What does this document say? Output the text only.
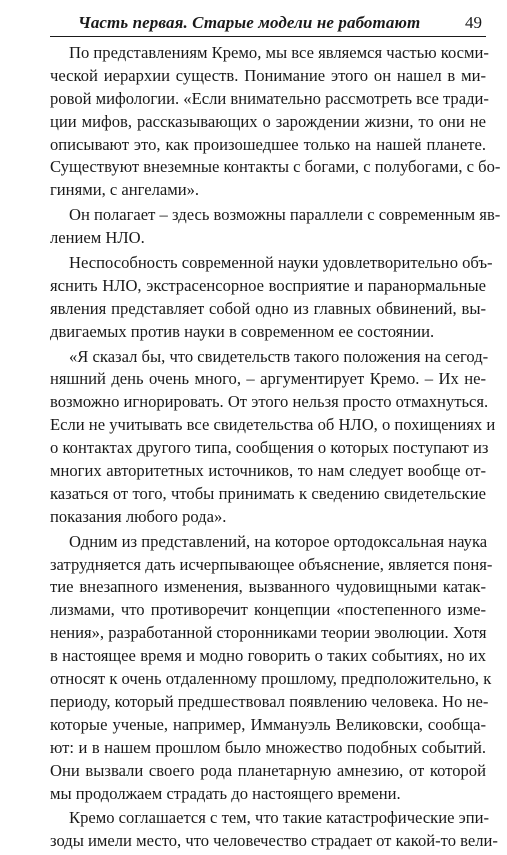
Часть первая. Старые модели не работают	49

По представлениям Кремо, мы все являемся частью косми-
ческой иерархии существ. Понимание этого он нашел в ми-
ровой мифологии. «Если внимательно рассмотреть все тради-
ции мифов, рассказывающих о зарождении жизни, то они не
описывают это, как произошедшее только на нашей планете.
Существуют внеземные контакты с богами, с полубогами, с бо-
гинями, с ангелами».

Он полагает – здесь возможны параллели с современным яв-
лением НЛО.

Неспособность современной науки удовлетворительно объ-
яснить НЛО, экстрасенсорное восприятие и паранормальные
явления представляет собой одно из главных обвинений, вы-
двигаемых против науки в современном ее состоянии.

«Я сказал бы, что свидетельств такого положения на сегод-
няшний день очень много, – аргументирует Кремо. – Их не-
возможно игнорировать. От этого нельзя просто отмахнуться.
Если не учитывать все свидетельства об НЛО, о похищениях и
о контактах другого типа, сообщения о которых поступают из
многих авторитетных источников, то нам следует вообще от-
казаться от того, чтобы принимать к сведению свидетельские
показания любого рода».

Одним из представлений, на которое ортодоксальная наука
затрудняется дать исчерпывающее объяснение, является поня-
тие внезапного изменения, вызванного чудовищными катак-
лизмами, что противоречит концепции «постепенного изме-
нения», разработанной сторонниками теории эволюции. Хотя
в настоящее время и модно говорить о таких событиях, но их
относят к очень отдаленному прошлому, предположительно, к
периоду, который предшествовал появлению человека. Но не-
которые ученые, например, Иммануэль Великовски, сообща-
ют: и в нашем прошлом было множество подобных событий.
Они вызвали своего рода планетарную амнезию, от которой
мы продолжаем страдать до настоящего времени.

Кремо соглашается с тем, что такие катастрофические эпи-
зоды имели место, что человечество страдает от какой-то вели-
